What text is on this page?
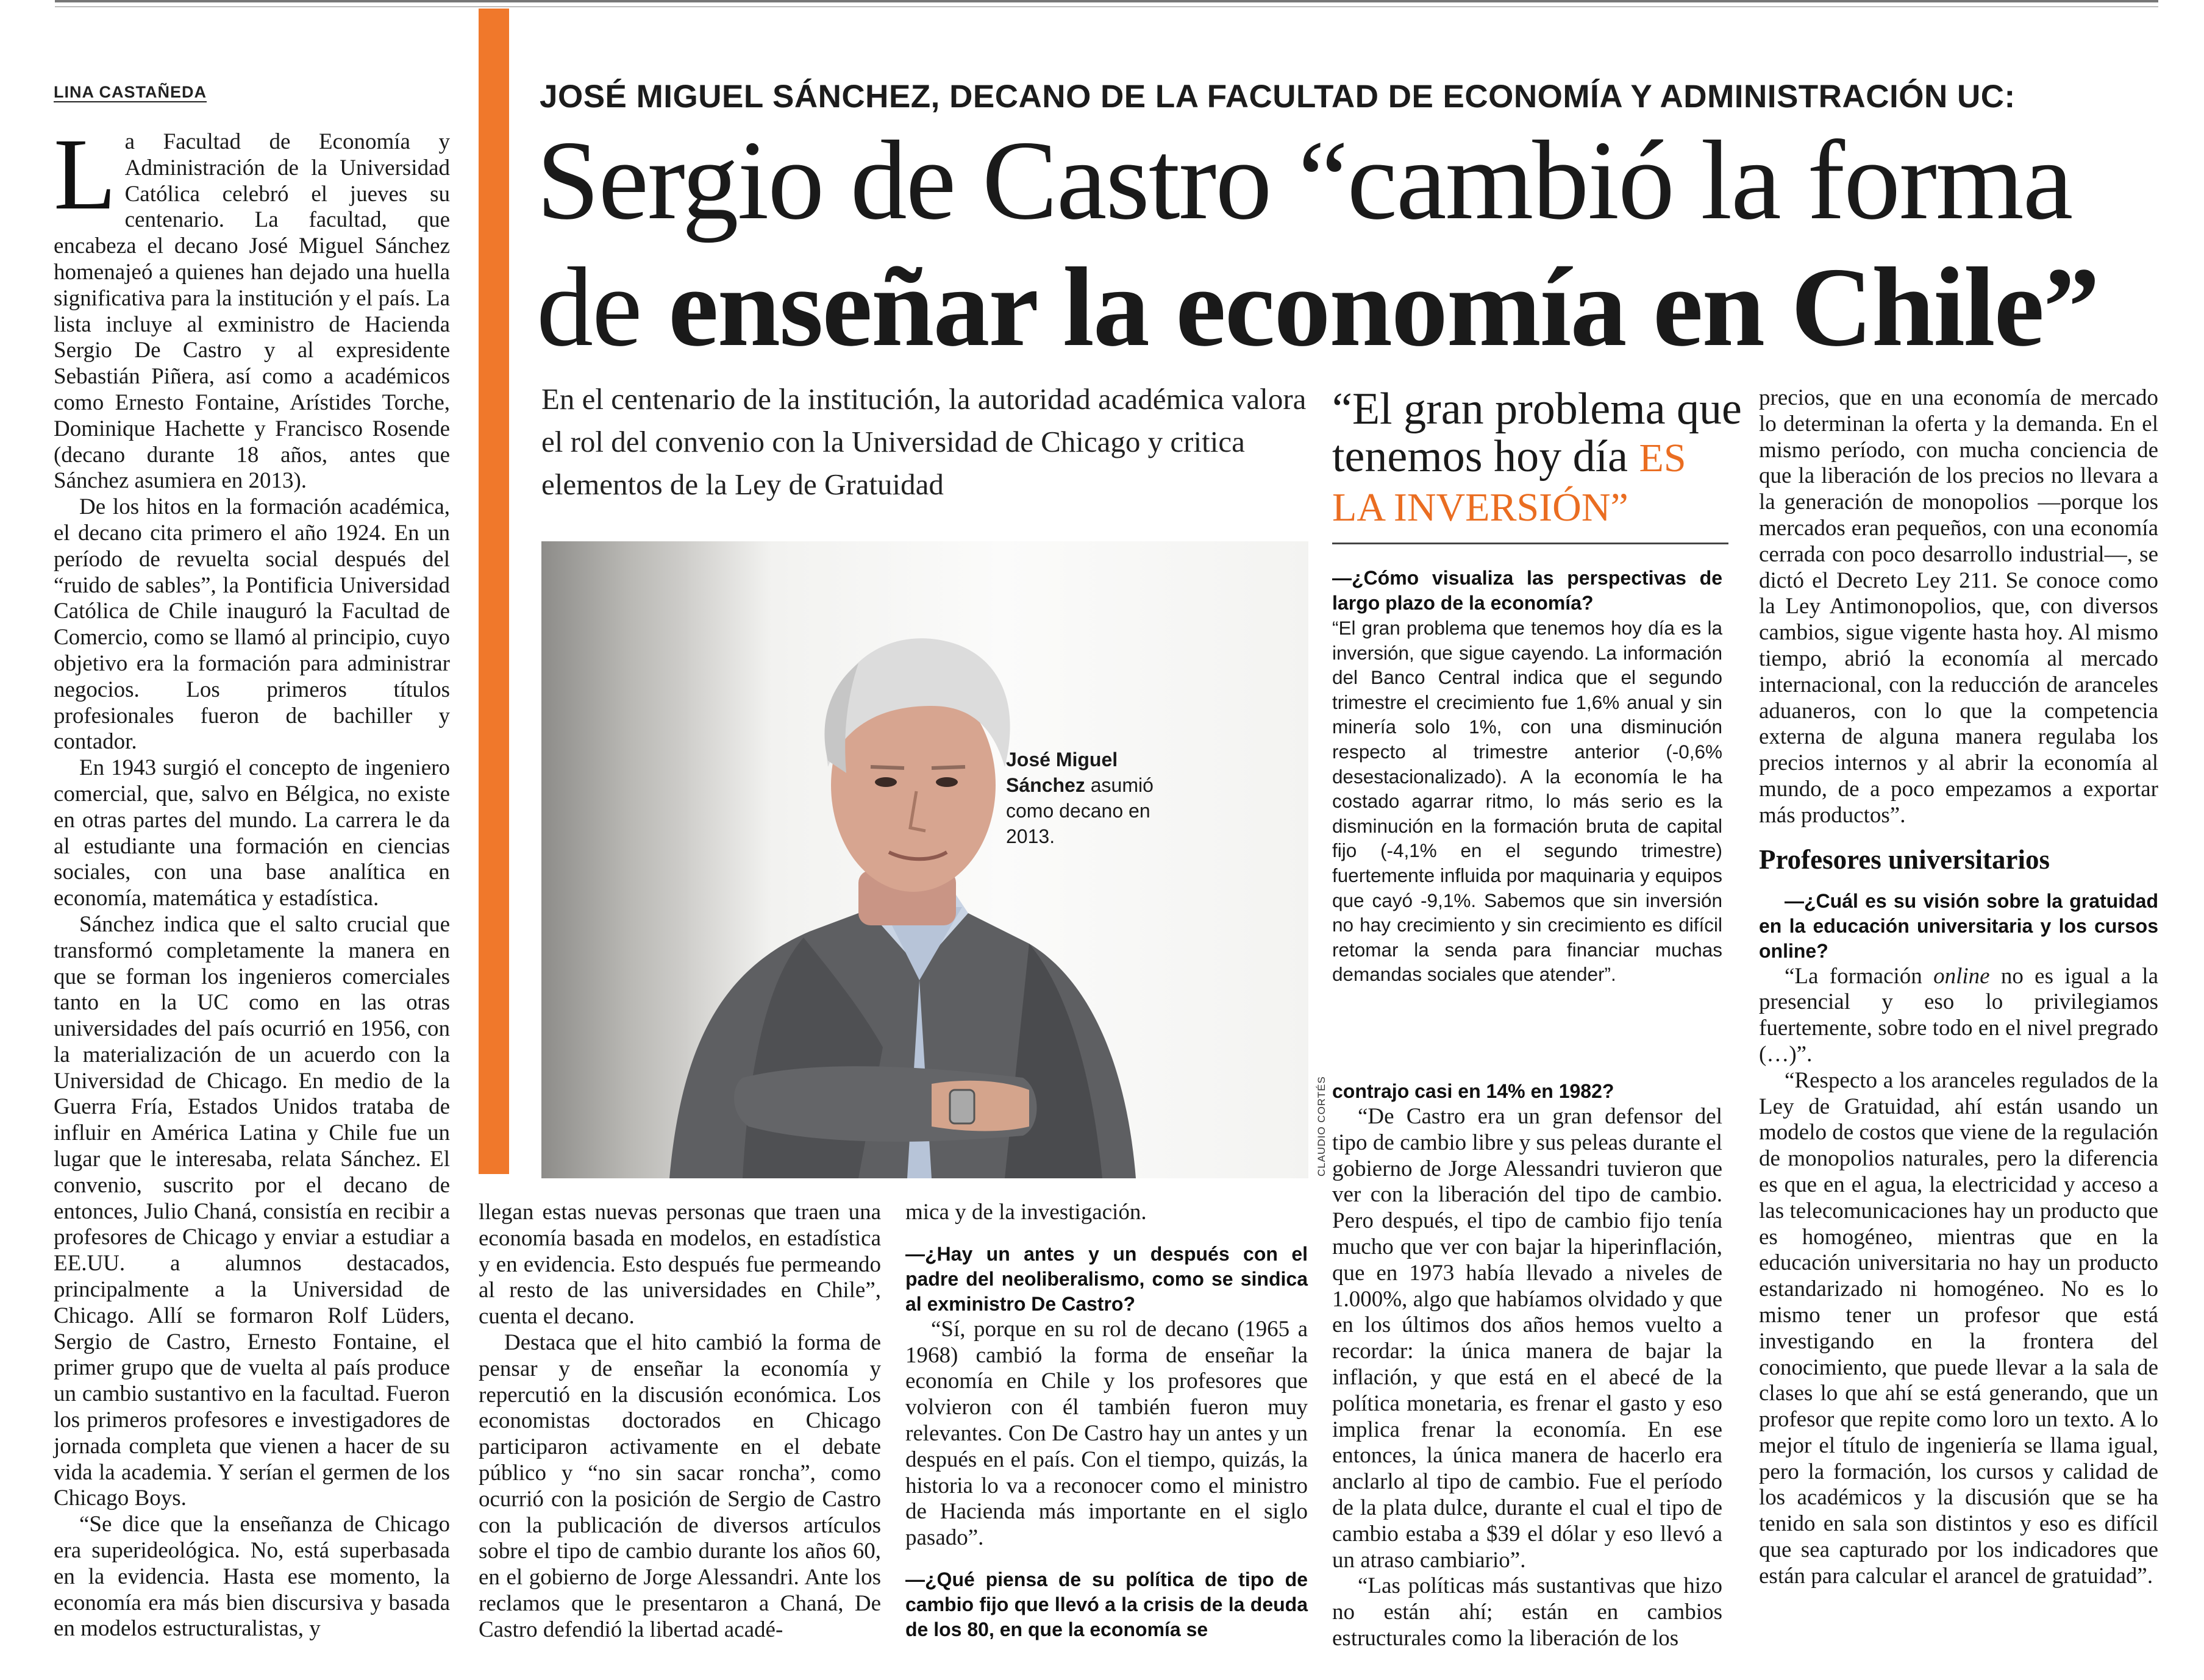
LINA CASTAÑEDA

La Facultad de Economía y Administración de la Universidad Católica celebró el jueves su centenario. La facultad, que encabeza el decano José Miguel Sánchez homenajeó a quienes han dejado una huella significativa para la institución y el país. La lista incluye al exministro de Hacienda Sergio De Castro y al expresidente Sebastián Piñera, así como a académicos como Ernesto Fontaine, Arístides Torche, Dominique Hachette y Francisco Rosende (decano durante 18 años, antes que Sánchez asumiera en 2013).

De los hitos en la formación académica, el decano cita primero el año 1924. En un período de revuelta social después del “ruido de sables”, la Pontificia Universidad Católica de Chile inauguró la Facultad de Comercio, como se llamó al principio, cuyo objetivo era la formación para administrar negocios. Los primeros títulos profesionales fueron de bachiller y contador.

En 1943 surgió el concepto de ingeniero comercial, que, salvo en Bélgica, no existe en otras partes del mundo. La carrera le da al estudiante una formación en ciencias sociales, con una base analítica en economía, matemática y estadística.

Sánchez indica que el salto crucial que transformó completamente la manera en que se forman los ingenieros comerciales tanto en la UC como en las otras universidades del país ocurrió en 1956, con la materialización de un acuerdo con la Universidad de Chicago. En medio de la Guerra Fría, Estados Unidos trataba de influir en América Latina y Chile fue un lugar que le interesaba, relata Sánchez. El convenio, suscrito por el decano de entonces, Julio Chaná, consistía en recibir a profesores de Chicago y enviar a estudiar a EE.UU. a alumnos destacados, principalmente a la Universidad de Chicago. Allí se formaron Rolf Lüders, Sergio de Castro, Ernesto Fontaine, el primer grupo que de vuelta al país produce un cambio sustantivo en la facultad. Fueron los primeros profesores e investigadores de jornada completa que vienen a hacer de su vida la academia. Y serían el germen de los Chicago Boys.

“Se dice que la enseñanza de Chicago era superideológica. No, está superbasada en la evidencia. Hasta ese momento, la economía era más bien discursiva y basada en modelos estructuralistas, y

JOSÉ MIGUEL SÁNCHEZ, DECANO DE LA FACULTAD DE ECONOMÍA Y ADMINISTRACIÓN UC:
Sergio de Castro “cambió la forma
de enseñar la economía en Chile”
En el centenario de la institución, la autoridad académica valora el rol del convenio con la Universidad de Chicago y critica elementos de la Ley de Gratuidad
José Miguel Sánchez asumió como decano en 2013.
CLAUDIO CORTÉS
“El gran problema que tenemos hoy día ES LA INVERSIÓN”
—¿Cómo visualiza las perspectivas de largo plazo de la economía?

“El gran problema que tenemos hoy día es la inversión, que sigue cayendo. La información del Banco Central indica que el segundo trimestre el crecimiento fue 1,6% anual y sin minería solo 1%, con una disminución respecto al trimestre anterior (-0,6% desestacionalizado). A la economía le ha costado agarrar ritmo, lo más serio es la disminución en la formación bruta de capital fijo (-4,1% en el segundo trimestre) fuertemente influida por maquinaria y equipos que cayó -9,1%. Sabemos que sin inversión no hay crecimiento y sin crecimiento es difícil retomar la senda para financiar muchas demandas sociales que atender”.

llegan estas nuevas personas que traen una economía basada en modelos, en estadística y en evidencia. Esto después fue permeando al resto de las universidades en Chile”, cuenta el decano.

Destaca que el hito cambió la forma de pensar y de enseñar la economía y repercutió en la discusión económica. Los economistas doctorados en Chicago participaron activamente en el debate público y “no sin sacar roncha”, como ocurrió con la posición de Sergio de Castro con la publicación de diversos artículos sobre el tipo de cambio durante los años 60, en el gobierno de Jorge Alessandri. Ante los reclamos que le presentaron a Chaná, De Castro defendió la libertad acadé-

mica y de la investigación.

—¿Hay un antes y un después con el padre del neoliberalismo, como se sindica al exministro De Castro?

“Sí, porque en su rol de decano (1965 a 1968) cambió la forma de enseñar la economía en Chile y los profesores que volvieron con él también fueron muy relevantes. Con De Castro hay un antes y un después en el país. Con el tiempo, quizás, la historia lo va a reconocer como el ministro de Hacienda más importante en el siglo pasado”.

—¿Qué piensa de su política de tipo de cambio fijo que llevó a la crisis de la deuda de los 80, en que la economía se
contrajo casi en 14% en 1982?

“De Castro era un gran defensor del tipo de cambio libre y sus peleas durante el gobierno de Jorge Alessandri tuvieron que ver con la liberación del tipo de cambio. Pero después, el tipo de cambio fijo tenía mucho que ver con bajar la hiperinflación, que en 1973 había llevado a niveles de 1.000%, algo que habíamos olvidado y que en los últimos dos años hemos vuelto a recordar: la única manera de bajar la inflación, y que está en el abecé de la política monetaria, es frenar el gasto y eso implica frenar la economía. En ese entonces, la única manera de hacerlo era anclarlo al tipo de cambio. Fue el período de la plata dulce, durante el cual el tipo de cambio estaba a $39 el dólar y eso llevó a un atraso cambiario”.

“Las políticas más sustantivas que hizo no están ahí; están en cambios estructurales como la liberación de los

precios, que en una economía de mercado lo determinan la oferta y la demanda. En el mismo período, con mucha conciencia de que la liberación de los precios no llevara a la generación de monopolios —porque los mercados eran pequeños, con una economía cerrada con poco desarrollo industrial—, se dictó el Decreto Ley 211. Se conoce como la Ley Antimonopolios, que, con diversos cambios, sigue vigente hasta hoy. Al mismo tiempo, abrió la economía al mercado internacional, con la reducción de aranceles aduaneros, con lo que la competencia externa de alguna manera regulaba los precios internos y al abrir la economía al mundo, de a poco empezamos a exportar más productos”.

Profesores universitarios
—¿Cuál es su visión sobre la gratuidad en la educación universitaria y los cursos online?

“La formación online no es igual a la presencial y eso lo privilegiamos fuertemente, sobre todo en el nivel pregrado (…)”.

“Respecto a los aranceles regulados de la Ley de Gratuidad, ahí están usando un modelo de costos que viene de la regulación de monopolios naturales, pero la diferencia es que en el agua, la electricidad y acceso a las telecomunicaciones hay un producto que es homogéneo, mientras que en la educación universitaria no hay un producto estandarizado ni homogéneo. No es lo mismo tener un profesor que está investigando en la frontera del conocimiento, que puede llevar a la sala de clases lo que ahí se está generando, que un profesor que repite como loro un texto. A lo mejor el título de ingeniería se llama igual, pero la formación, los cursos y calidad de los académicos y la discusión que se ha tenido en sala son distintos y eso es difícil que sea capturado por los indicadores que están para calcular el arancel de gratuidad”.
